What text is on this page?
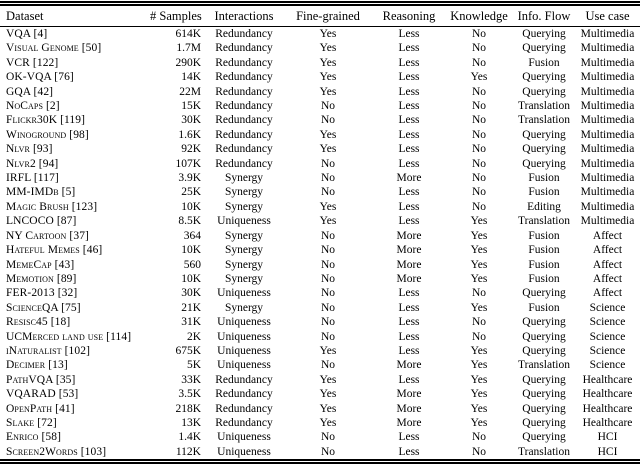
Dataset	# Samples	Interactions	Fine-grained	Reasoning	Knowledge	Info. Flow	Use case
VQA [4]	614K	Redundancy	Yes	Less	No	Querying	Multimedia
Visual Genome [50]	1.7M	Redundancy	Yes	Less	No	Querying	Multimedia
VCR [122]	290K	Redundancy	Yes	Less	No	Fusion	Multimedia
OK-VQA [76]	14K	Redundancy	Yes	Less	Yes	Querying	Multimedia
GQA [42]	22M	Redundancy	Yes	Less	No	Querying	Multimedia
NoCaps [2]	15K	Redundancy	No	Less	No	Translation	Multimedia
Flickr30K [119]	30K	Redundancy	No	Less	No	Translation	Multimedia
Winoground [98]	1.6K	Redundancy	Yes	Less	No	Querying	Multimedia
Nlvr [93]	92K	Redundancy	Yes	Less	No	Querying	Multimedia
Nlvr2 [94]	107K	Redundancy	No	Less	No	Querying	Multimedia
IRFL [117]	3.9K	Synergy	No	More	No	Fusion	Multimedia
MM-IMDb [5]	25K	Synergy	No	Less	No	Fusion	Multimedia
Magic Brush [123]	10K	Synergy	Yes	Less	No	Editing	Multimedia
LNCOCO [87]	8.5K	Uniqueness	Yes	Less	Yes	Translation	Multimedia
NY Cartoon [37]	364	Synergy	No	More	Yes	Fusion	Affect
Hateful Memes [46]	10K	Synergy	No	More	Yes	Fusion	Affect
MemeCap [43]	560	Synergy	No	More	Yes	Fusion	Affect
Memotion [89]	10K	Synergy	No	More	Yes	Fusion	Affect
FER-2013 [32]	30K	Uniqueness	No	Less	No	Querying	Affect
ScienceQA [75]	21K	Synergy	No	Less	Yes	Fusion	Science
Resisc45 [18]	31K	Uniqueness	No	Less	No	Querying	Science
UCMerced land use [114]	2K	Uniqueness	No	Less	No	Querying	Science
iNaturalist [102]	675K	Uniqueness	Yes	Less	Yes	Querying	Science
Decimer [13]	5K	Uniqueness	No	More	Yes	Translation	Science
PathVQA [35]	33K	Redundancy	Yes	Less	Yes	Querying	Healthcare
VQARAD [53]	3.5K	Redundancy	Yes	More	Yes	Querying	Healthcare
OpenPath [41]	218K	Redundancy	Yes	More	Yes	Querying	Healthcare
Slake [72]	13K	Redundancy	Yes	More	Yes	Querying	Healthcare
Enrico [58]	1.4K	Uniqueness	No	Less	No	Querying	HCI
Screen2Words [103]	112K	Uniqueness	No	Less	No	Translation	HCI
